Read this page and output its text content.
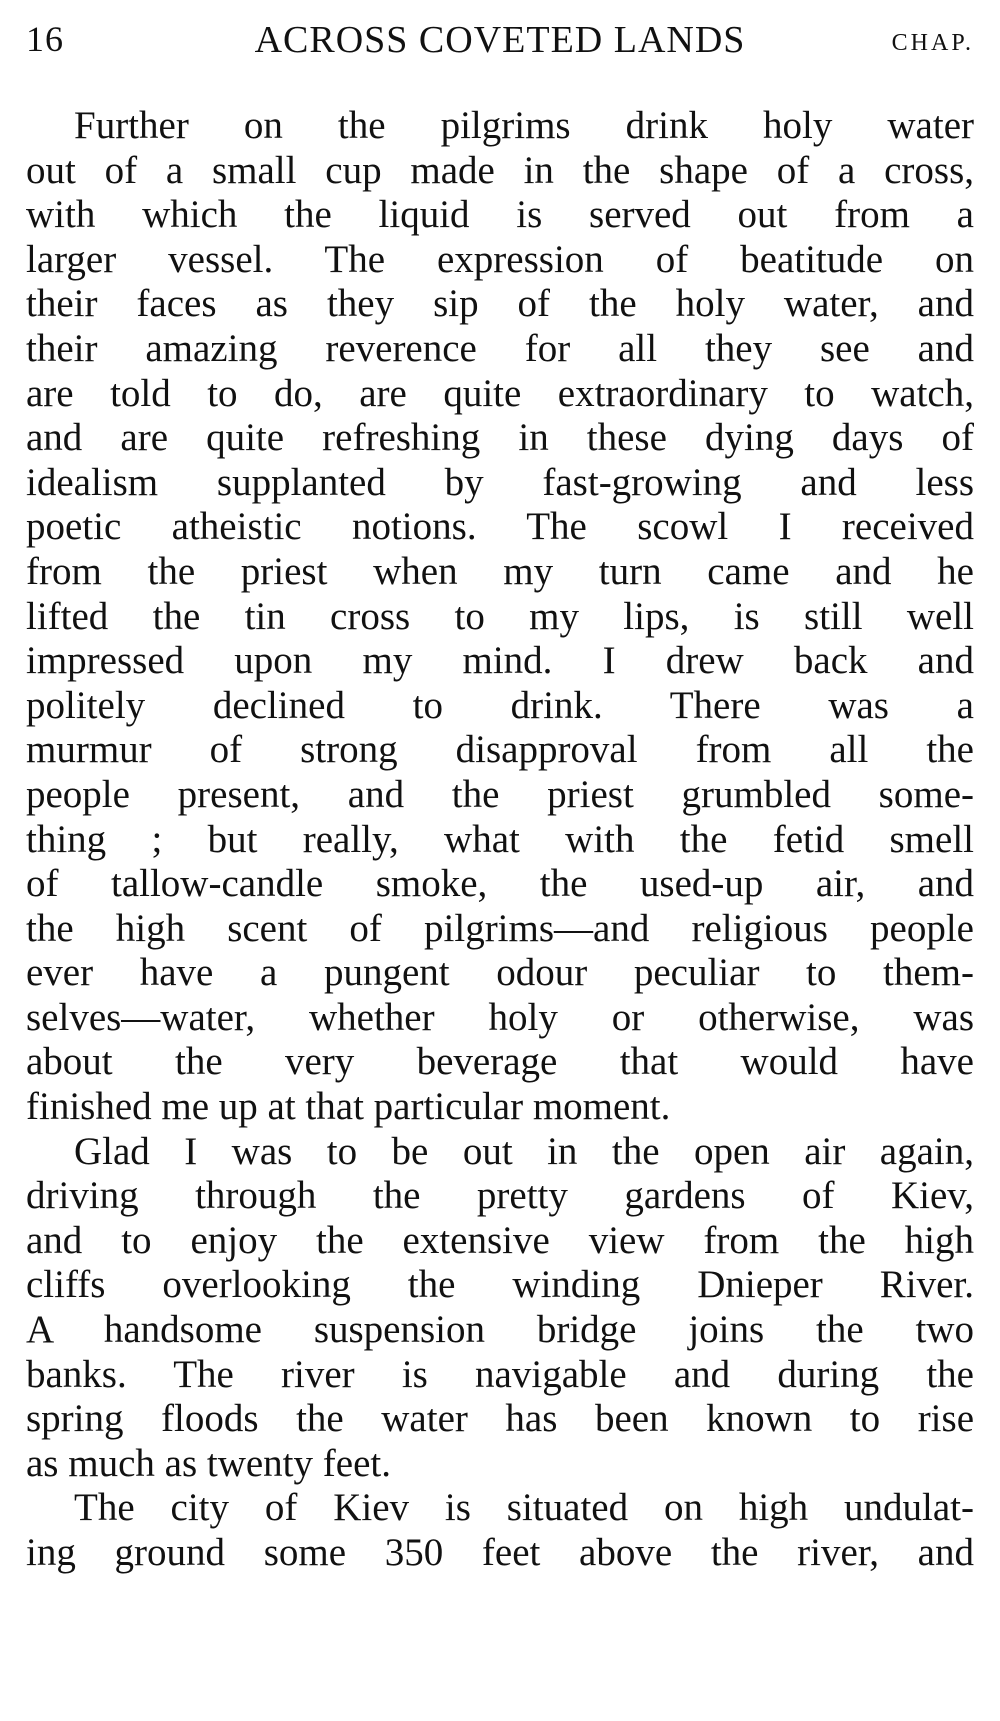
16	ACROSS COVETED LANDS	CHAP.
Further on the pilgrims drink holy water
out of a small cup made in the shape of a cross,
with which the liquid is served out from a
larger vessel. The expression of beatitude on
their faces as they sip of the holy water, and
their amazing reverence for all they see and
are told to do, are quite extraordinary to watch,
and are quite refreshing in these dying days of
idealism supplanted by fast-growing and less
poetic atheistic notions. The scowl I received
from the priest when my turn came and he
lifted the tin cross to my lips, is still well
impressed upon my mind. I drew back and
politely declined to drink. There was a
murmur of strong disapproval from all the
people present, and the priest grumbled some-
thing ; but really, what with the fetid smell
of tallow-candle smoke, the used-up air, and
the high scent of pilgrims—and religious people
ever have a pungent odour peculiar to them-
selves—water, whether holy or otherwise, was
about the very beverage that would have
finished me up at that particular moment.
Glad I was to be out in the open air again,
driving through the pretty gardens of Kiev,
and to enjoy the extensive view from the high
cliffs overlooking the winding Dnieper River.
A handsome suspension bridge joins the two
banks. The river is navigable and during the
spring floods the water has been known to rise
as much as twenty feet.
The city of Kiev is situated on high undulat-
ing ground some 350 feet above the river, and
